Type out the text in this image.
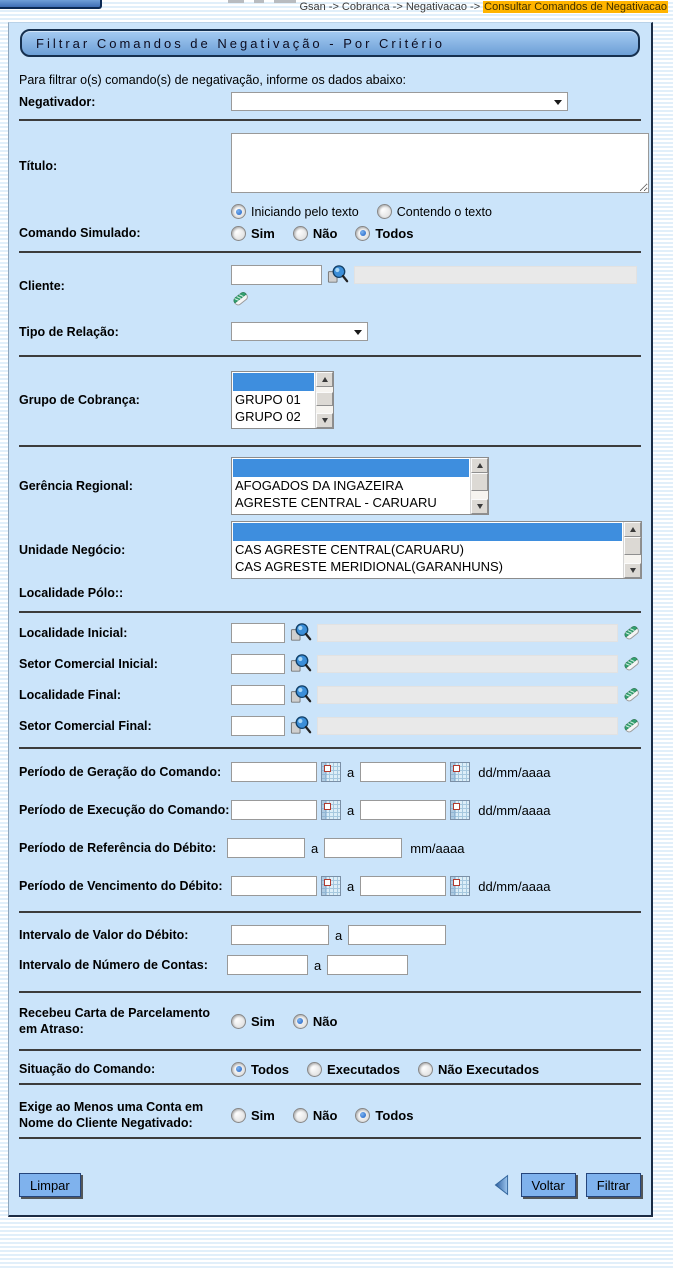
Gsan -> Cobranca -> Negativacao -> Consultar Comandos de Negativacao
Filtrar Comandos de Negativação - Por Critério
Para filtrar o(s) comando(s) de negativação, informe os dados abaixo:
Negativador:
Título:
Iniciando pelo texto	Contendo o texto
Comando Simulado:	Sim	Não	Todos
Cliente:
Tipo de Relação:
Grupo de Cobrança:	GRUPO 01
GRUPO 02
Gerência Regional:	AFOGADOS DA INGAZEIRA
AGRESTE CENTRAL - CARUARU
Unidade Negócio:	CAS AGRESTE CENTRAL(CARUARU)
CAS AGRESTE MERIDIONAL(GARANHUNS)
Localidade Pólo::
Localidade Inicial:
Setor Comercial Inicial:
Localidade Final:
Setor Comercial Final:
Período de Geração do Comando:	a	dd/mm/aaaa
Período de Execução do Comando:	a	dd/mm/aaaa
Período de Referência do Débito:	a	mm/aaaa
Período de Vencimento do Débito:	a	dd/mm/aaaa
Intervalo de Valor do Débito:	a
Intervalo de Número de Contas:	a
Recebeu Carta de Parcelamento em Atraso:
Sim	Não
Situação do Comando:	Todos	Executados	Não Executados
Exige ao Menos uma Conta em Nome do Cliente Negativado:
Sim	Não	Todos
Limpar	Voltar	Filtrar
